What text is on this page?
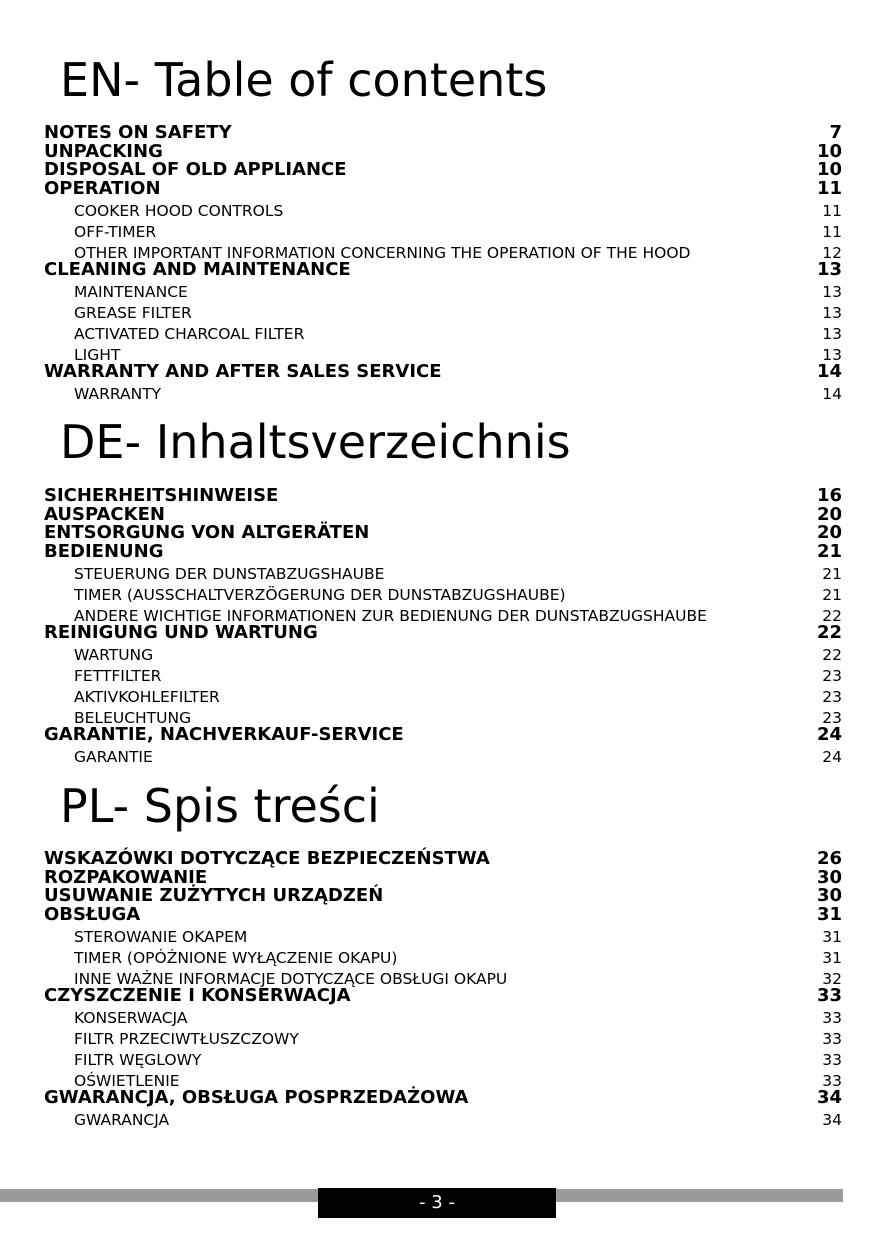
EN- Table of contents
NOTES ON SAFETY	7
UNPACKING	10
DISPOSAL OF OLD APPLIANCE	10
OPERATION	11
COOKER HOOD CONTROLS	11
OFF-TIMER	11
OTHER IMPORTANT INFORMATION CONCERNING THE OPERATION OF THE HOOD	12
CLEANING AND MAINTENANCE	13
MAINTENANCE	13
GREASE FILTER	13
ACTIVATED CHARCOAL FILTER	13
LIGHT	13
WARRANTY AND AFTER SALES SERVICE	14
WARRANTY	14
DE- Inhaltsverzeichnis
SICHERHEITSHINWEISE	16
AUSPACKEN	20
ENTSORGUNG VON ALTGERÄTEN	20
BEDIENUNG	21
STEUERUNG DER DUNSTABZUGSHAUBE	21
TIMER (AUSSCHALTVERZÖGERUNG DER DUNSTABZUGSHAUBE)	21
ANDERE WICHTIGE INFORMATIONEN ZUR BEDIENUNG DER DUNSTABZUGSHAUBE	22
REINIGUNG UND WARTUNG	22
WARTUNG	22
FETTFILTER	23
AKTIVKOHLEFILTER	23
BELEUCHTUNG	23
GARANTIE, NACHVERKAUF-SERVICE	24
GARANTIE	24
PL- Spis treści
WSKAZÓWKI DOTYCZĄCE BEZPIECZEŃSTWA	26
ROZPAKOWANIE	30
USUWANIE ZUŻYTYCH URZĄDZEŃ	30
OBSŁUGA	31
STEROWANIE OKAPEM	31
TIMER (OPÓŹNIONE WYŁĄCZENIE OKAPU)	31
INNE WAŻNE INFORMACJE DOTYCZĄCE OBSŁUGI OKAPU	32
CZYSZCZENIE I KONSERWACJA	33
KONSERWACJA	33
FILTR PRZECIWTŁUSZCZOWY	33
FILTR WĘGLOWY	33
OŚWIETLENIE	33
GWARANCJA, OBSŁUGA POSPRZEDAŻOWA	34
GWARANCJA	34
- 3 -
